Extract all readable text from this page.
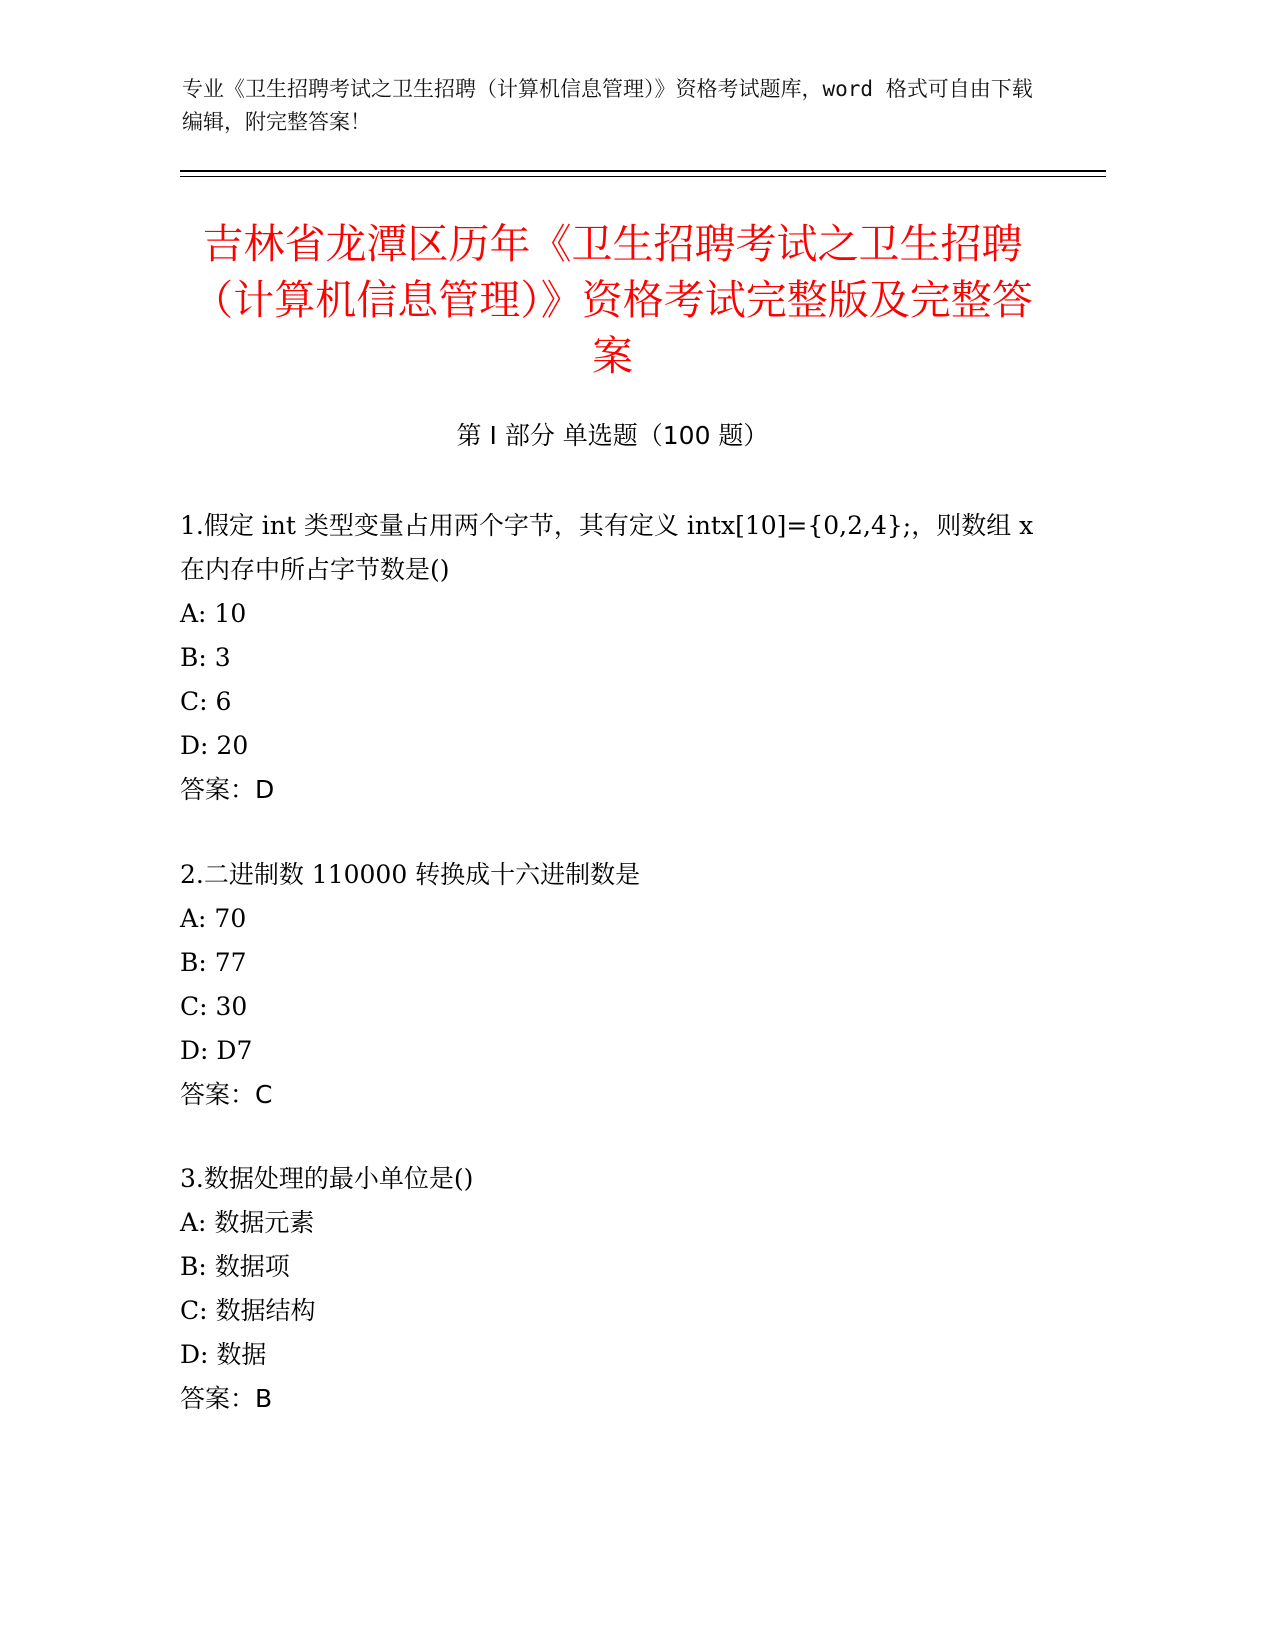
专业《卫生招聘考试之卫生招聘（计算机信息管理）》资格考试题库，word 格式可自由下载编辑，附完整答案！
吉林省龙潭区历年《卫生招聘考试之卫生招聘（计算机信息管理）》资格考试完整版及完整答案
第 I 部分 单选题（100 题）

1.假定 int 类型变量占用两个字节，其有定义 intx[10]={0,2,4};，则数组 x 在内存中所占字节数是()

A: 10

B: 3

C: 6

D: 20

答案：D

2.二进制数 110000 转换成十六进制数是

A: 70

B: 77

C: 30

D: D7

答案：C

3.数据处理的最小单位是()

A: 数据元素

B: 数据项

C: 数据结构

D: 数据

答案：B
